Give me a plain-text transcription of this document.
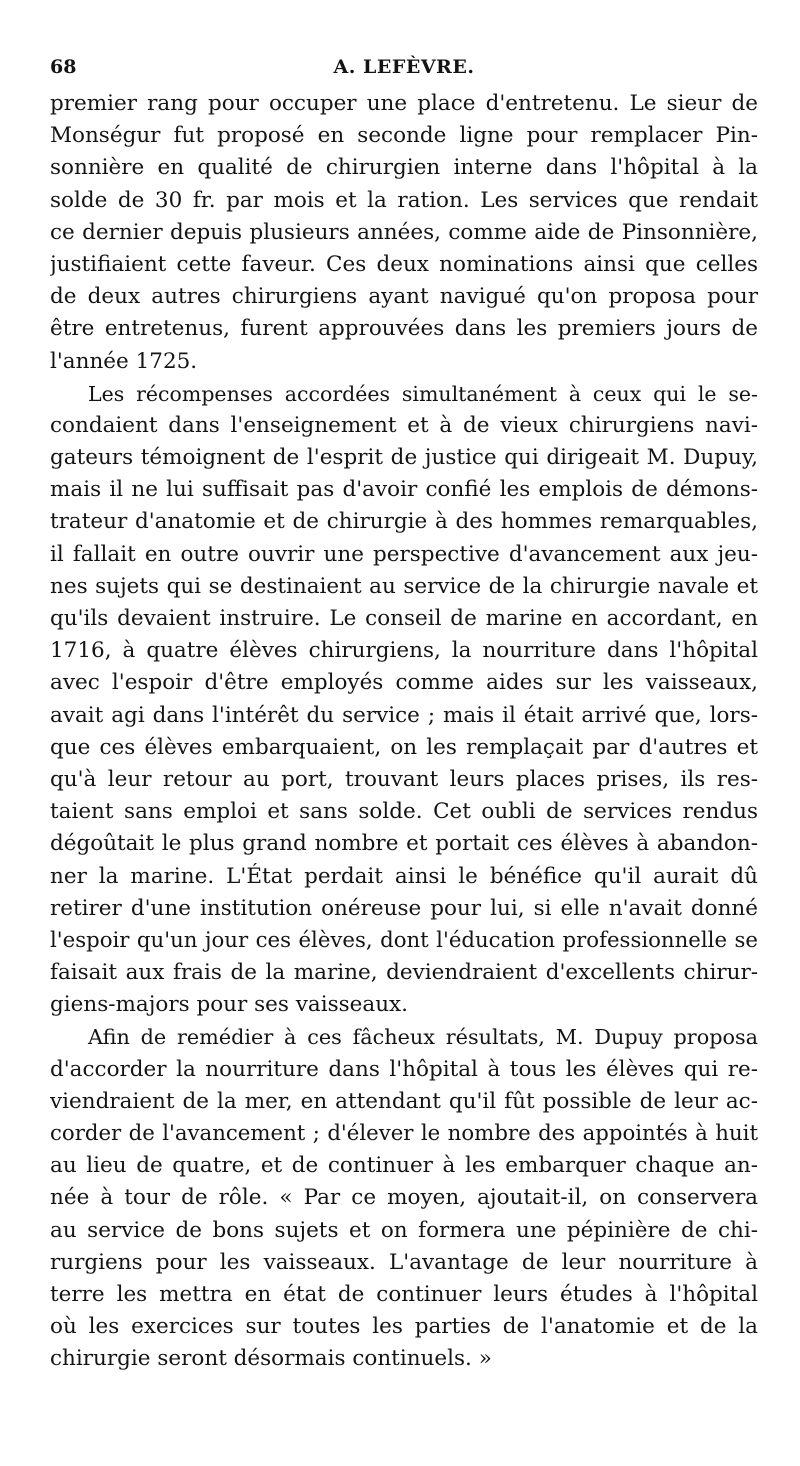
68	A. LEFÈVRE.
premier rang pour occuper une place d'entretenu. Le sieur de
Monségur fut proposé en seconde ligne pour remplacer Pin-
sonnière en qualité de chirurgien interne dans l'hôpital à la
solde de 30 fr. par mois et la ration. Les services que rendait
ce dernier depuis plusieurs années, comme aide de Pinsonnière,
justifiaient cette faveur. Ces deux nominations ainsi que celles
de deux autres chirurgiens ayant navigué qu'on proposa pour
être entretenus, furent approuvées dans les premiers jours de
l'année 1725.
Les récompenses accordées simultanément à ceux qui le se-
condaient dans l'enseignement et à de vieux chirurgiens navi-
gateurs témoignent de l'esprit de justice qui dirigeait M. Dupuy,
mais il ne lui suffisait pas d'avoir confié les emplois de démons-
trateur d'anatomie et de chirurgie à des hommes remarquables,
il fallait en outre ouvrir une perspective d'avancement aux jeu-
nes sujets qui se destinaient au service de la chirurgie navale et
qu'ils devaient instruire. Le conseil de marine en accordant, en
1716, à quatre élèves chirurgiens, la nourriture dans l'hôpital
avec l'espoir d'être employés comme aides sur les vaisseaux,
avait agi dans l'intérêt du service ; mais il était arrivé que, lors-
que ces élèves embarquaient, on les remplaçait par d'autres et
qu'à leur retour au port, trouvant leurs places prises, ils res-
taient sans emploi et sans solde. Cet oubli de services rendus
dégoûtait le plus grand nombre et portait ces élèves à abandon-
ner la marine. L'État perdait ainsi le bénéfice qu'il aurait dû
retirer d'une institution onéreuse pour lui, si elle n'avait donné
l'espoir qu'un jour ces élèves, dont l'éducation professionnelle se
faisait aux frais de la marine, deviendraient d'excellents chirur-
giens-majors pour ses vaisseaux.
Afin de remédier à ces fâcheux résultats, M. Dupuy proposa
d'accorder la nourriture dans l'hôpital à tous les élèves qui re-
viendraient de la mer, en attendant qu'il fût possible de leur ac-
corder de l'avancement ; d'élever le nombre des appointés à huit
au lieu de quatre, et de continuer à les embarquer chaque an-
née à tour de rôle. « Par ce moyen, ajoutait-il, on conservera
au service de bons sujets et on formera une pépinière de chi-
rurgiens pour les vaisseaux. L'avantage de leur nourriture à
terre les mettra en état de continuer leurs études à l'hôpital
où les exercices sur toutes les parties de l'anatomie et de la
chirurgie seront désormais continuels. »
